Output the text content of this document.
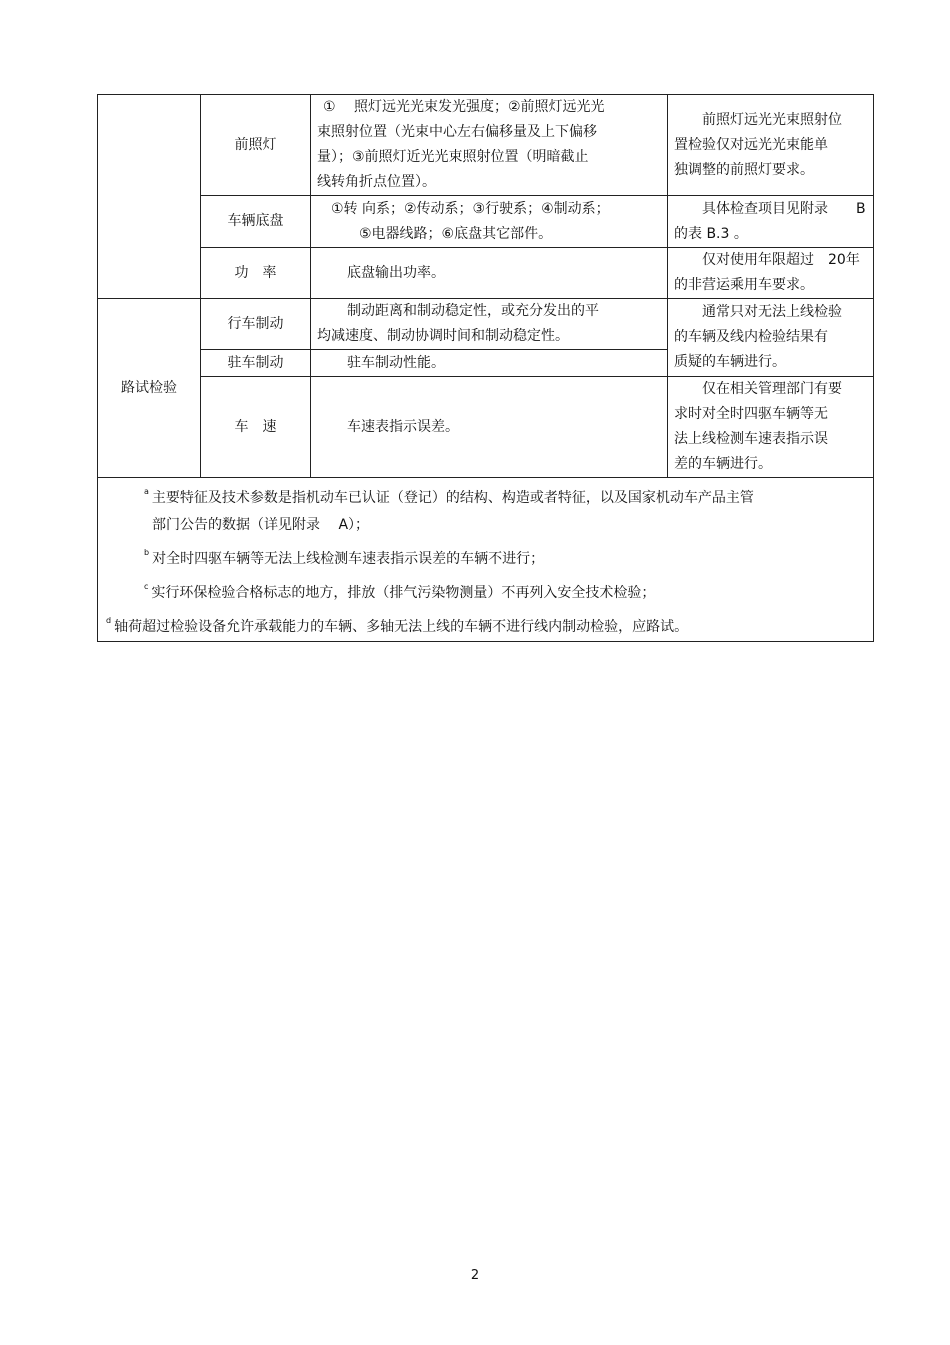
	前照灯	①　 照灯远光光束发光强度；②前照灯远光光
束照射位置（光束中心左右偏移量及上下偏移
量）；③前照灯近光光束照射位置（明暗截止
线转角折点位置）。	前照灯远光光束照射位
置检验仅对远光光束能单
独调整的前照灯要求。

	车辆底盘	①转 向系；②传动系；③行驶系；④制动系；
⑤电器线路；⑥底盘其它部件。	具体检查项目见附录　　B
的表 B.3 。

	功　率	底盘输出功率。	仅对使用年限超过　20年
的非营运乘用车要求。

路试检验	行车制动	制动距离和制动稳定性，或充分发出的平
均减速度、制动协调时间和制动稳定性。	通常只对无法上线检验
的车辆及线内检验结果有
质疑的车辆进行。

	驻车制动	驻车制动性能。	

	车　速	车速表指示误差。	仅在相关管理部门有要
求时对全时四驱车辆等无
法上线检测车速表指示误
差的车辆进行。

$^a$ 主要特征及技术参数是指机动车已认证（登记）的结构、构造或者特征，以及国家机动车产品主管
部门公告的数据（详见附录　 A）；
$^b$ 对全时四驱车辆等无法上线检测车速表指示误差的车辆不进行；
$^c$ 实行环保检验合格标志的地方，排放（排气污染物测量）不再列入安全技术检验；
$^d$ 轴荷超过检验设备允许承载能力的车辆、多轴无法上线的车辆不进行线内制动检验，应路试。			
2
